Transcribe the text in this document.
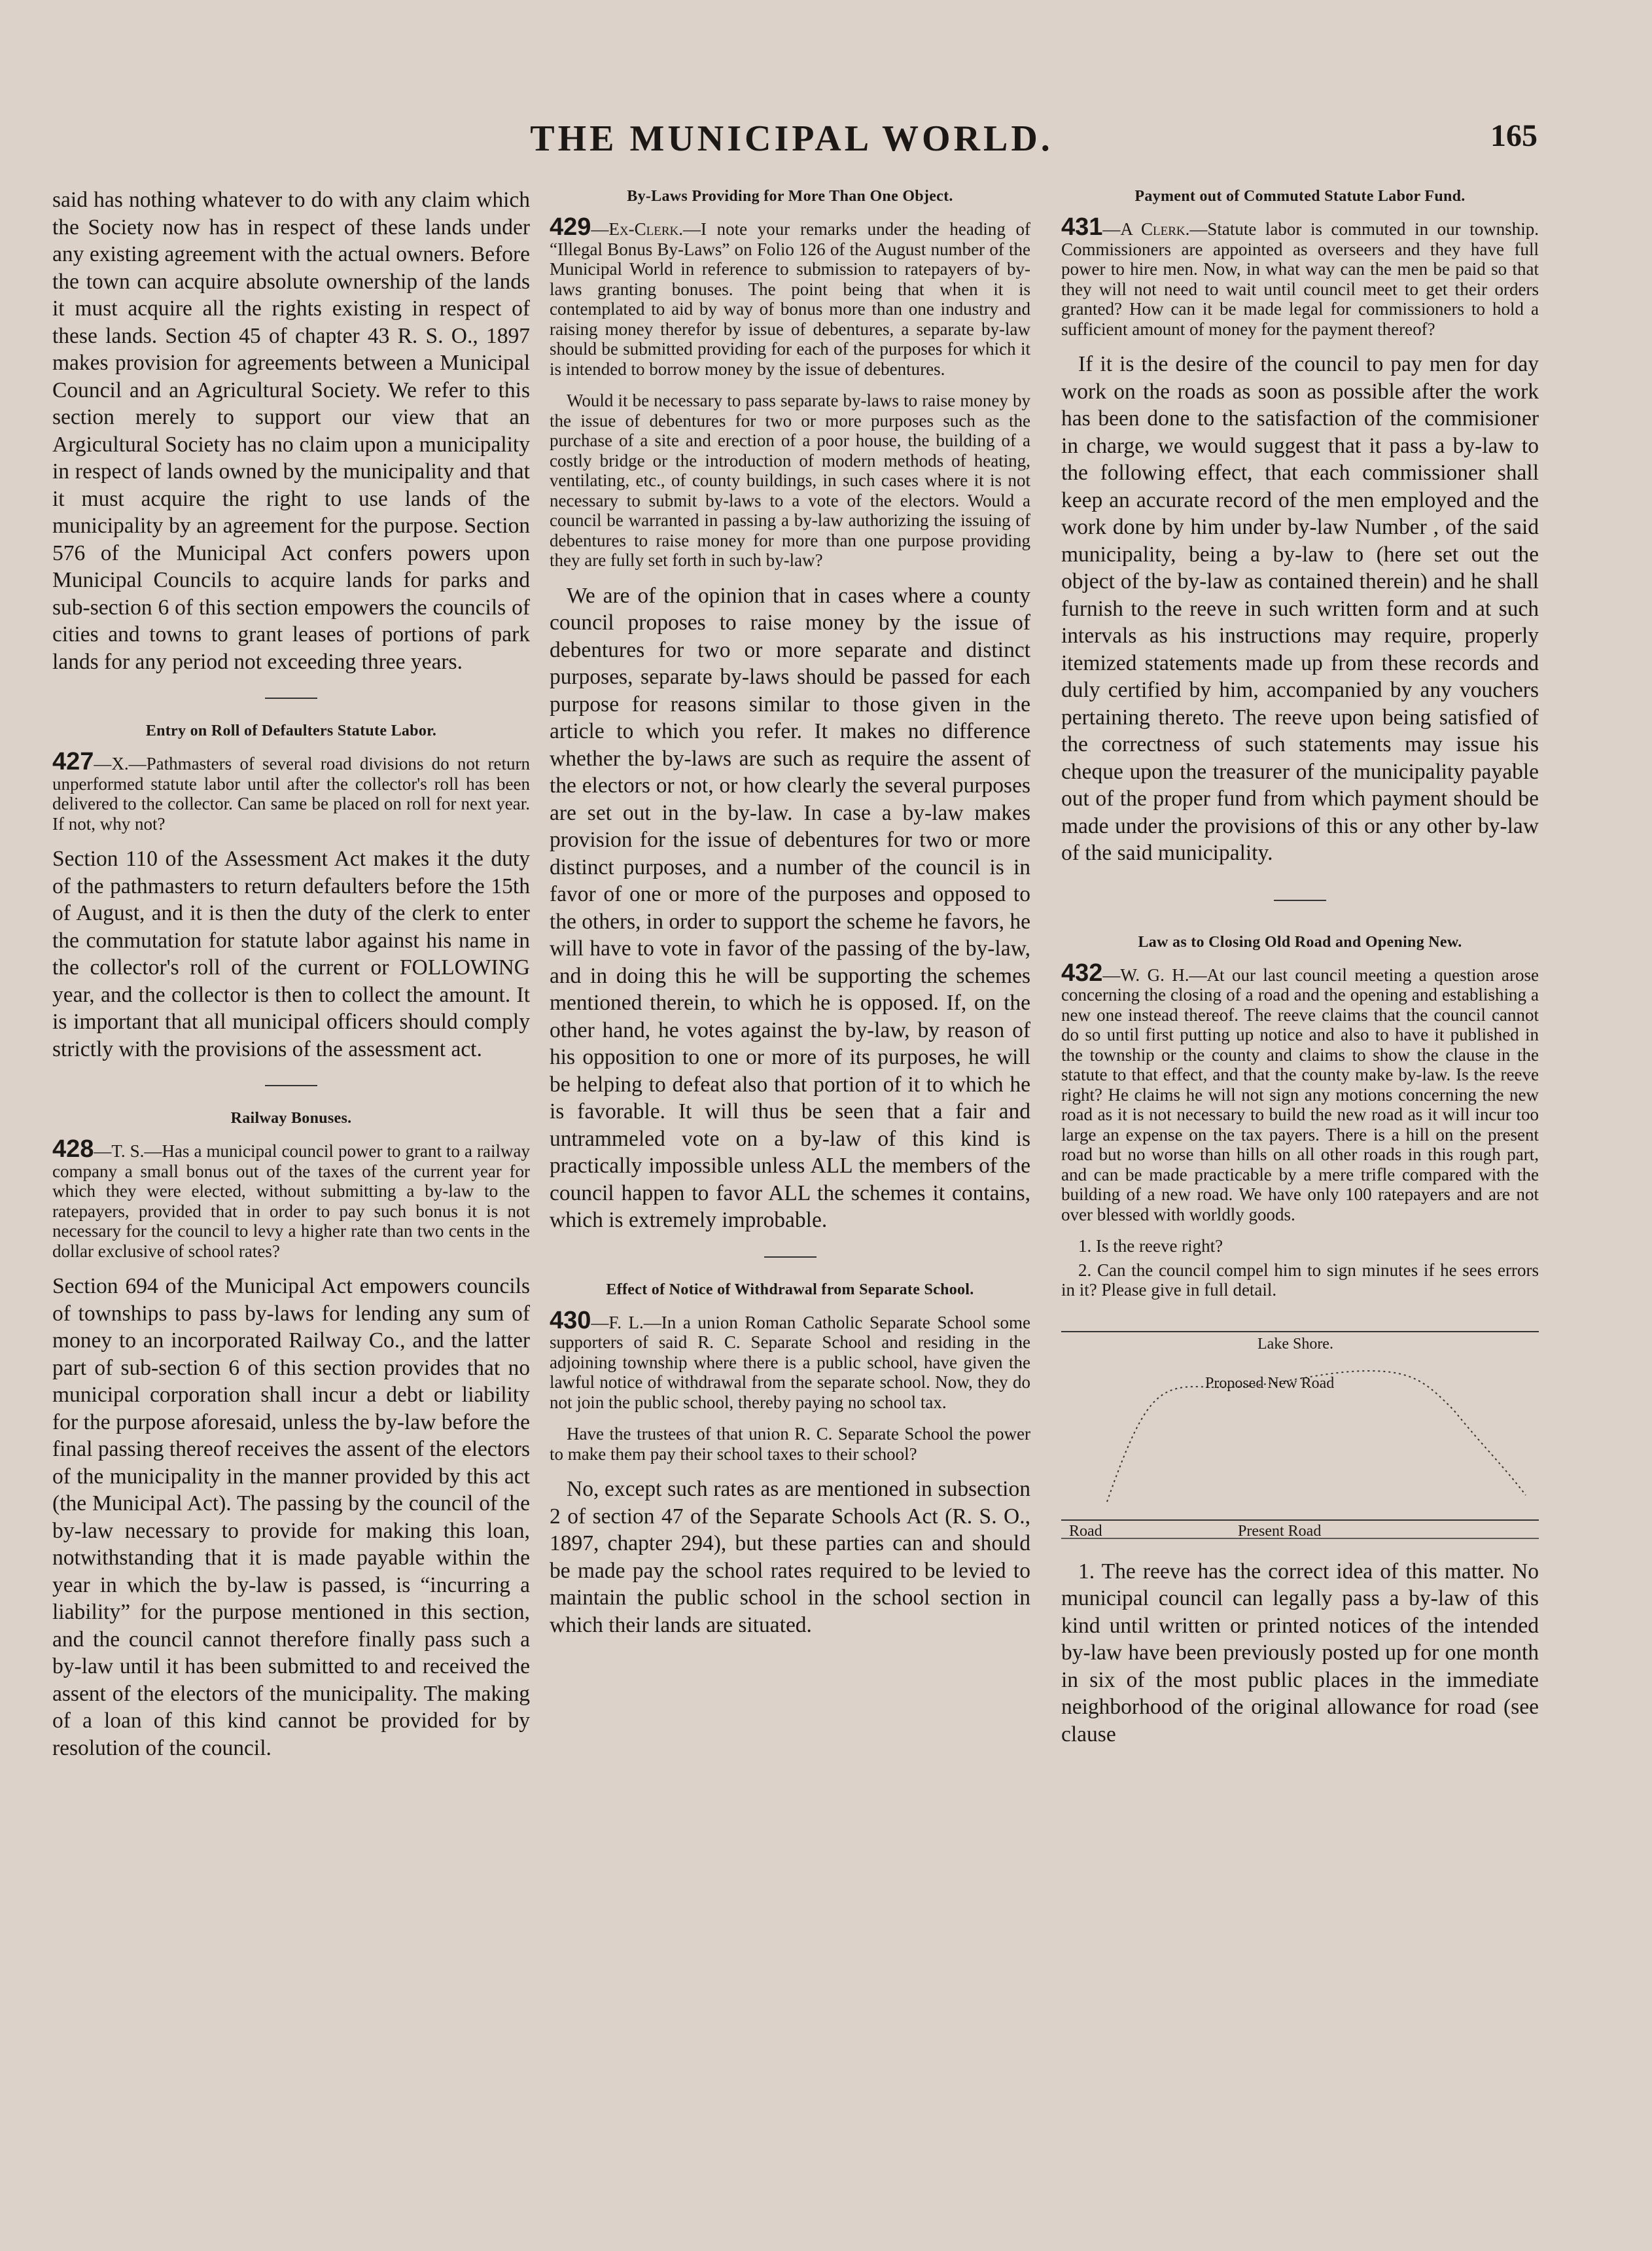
THE MUNICIPAL WORLD.	165

said has nothing whatever to do with any claim which the Society now has in respect of these lands under any existing agreement with the actual owners. Before the town can acquire absolute ownership of the lands it must acquire all the rights existing in respect of these lands. Section 45 of chapter 43 R. S. O., 1897 makes provision for agreements between a Municipal Council and an Agricultural Society. We refer to this section merely to support our view that an Argicultural Society has no claim upon a municipality in respect of lands owned by the municipality and that it must acquire the right to use lands of the municipality by an agreement for the purpose. Section 576 of the Municipal Act confers powers upon Municipal Councils to acquire lands for parks and sub-section 6 of this section empowers the councils of cities and towns to grant leases of portions of park lands for any period not exceeding three years.

Entry on Roll of Defaulters Statute Labor.

427—X.—Pathmasters of several road divisions do not return unperformed statute labor until after the collector's roll has been delivered to the collector. Can same be placed on roll for next year. If not, why not?

Section 110 of the Assessment Act makes it the duty of the pathmasters to return defaulters before the 15th of August, and it is then the duty of the clerk to enter the commutation for statute labor against his name in the collector's roll of the current or FOLLOWING year, and the collector is then to collect the amount. It is important that all municipal officers should comply strictly with the provisions of the assessment act.

Railway Bonuses.

428—T. S.—Has a municipal council power to grant to a railway company a small bonus out of the taxes of the current year for which they were elected, without submitting a by-law to the ratepayers, provided that in order to pay such bonus it is not necessary for the council to levy a higher rate than two cents in the dollar exclusive of school rates?

Section 694 of the Municipal Act empowers councils of townships to pass by-laws for lending any sum of money to an incorporated Railway Co., and the latter part of sub-section 6 of this section provides that no municipal corporation shall incur a debt or liability for the purpose aforesaid, unless the by-law before the final passing thereof receives the assent of the electors of the municipality in the manner provided by this act (the Municipal Act). The passing by the council of the by-law necessary to provide for making this loan, notwithstanding that it is made payable within the year in which the by-law is passed, is “incurring a liability” for the purpose mentioned in this section, and the council cannot therefore finally pass such a by-law until it has been submitted to and received the assent of the electors of the municipality. The making of a loan of this kind cannot be provided for by resolution of the council.

By-Laws Providing for More Than One Object.

429—Ex-Clerk.—I note your remarks under the heading of “Illegal Bonus By-Laws” on Folio 126 of the August number of the Municipal World in reference to submission to ratepayers of by-laws granting bonuses. The point being that when it is contemplated to aid by way of bonus more than one industry and raising money therefor by issue of debentures, a separate by-law should be submitted providing for each of the purposes for which it is intended to borrow money by the issue of debentures.

Would it be necessary to pass separate by-laws to raise money by the issue of debentures for two or more purposes such as the purchase of a site and erection of a poor house, the building of a costly bridge or the introduction of modern methods of heating, ventilating, etc., of county buildings, in such cases where it is not necessary to submit by-laws to a vote of the electors. Would a council be warranted in passing a by-law authorizing the issuing of debentures to raise money for more than one purpose providing they are fully set forth in such by-law?

We are of the opinion that in cases where a county council proposes to raise money by the issue of debentures for two or more separate and distinct purposes, separate by-laws should be passed for each purpose for reasons similar to those given in the article to which you refer. It makes no difference whether the by-laws are such as require the assent of the electors or not, or how clearly the several purposes are set out in the by-law. In case a by-law makes provision for the issue of debentures for two or more distinct purposes, and a number of the council is in favor of one or more of the purposes and opposed to the others, in order to support the scheme he favors, he will have to vote in favor of the passing of the by-law, and in doing this he will be supporting the schemes mentioned therein, to which he is opposed. If, on the other hand, he votes against the by-law, by reason of his opposition to one or more of its purposes, he will be helping to defeat also that portion of it to which he is favorable. It will thus be seen that a fair and untrammeled vote on a by-law of this kind is practically impossible unless ALL the members of the council happen to favor ALL the schemes it contains, which is extremely improbable.

Effect of Notice of Withdrawal from Separate School.

430—F. L.—In a union Roman Catholic Separate School some supporters of said R. C. Separate School and residing in the adjoining township where there is a public school, have given the lawful notice of withdrawal from the separate school. Now, they do not join the public school, thereby paying no school tax.

Have the trustees of that union R. C. Separate School the power to make them pay their school taxes to their school?

No, except such rates as are mentioned in subsection 2 of section 47 of the Separate Schools Act (R. S. O., 1897, chapter 294), but these parties can and should be made pay the school rates required to be levied to maintain the public school in the school section in which their lands are situated.

Payment out of Commuted Statute Labor Fund.

431—A Clerk.—Statute labor is commuted in our township. Commissioners are appointed as overseers and they have full power to hire men. Now, in what way can the men be paid so that they will not need to wait until council meet to get their orders granted? How can it be made legal for commissioners to hold a sufficient amount of money for the payment thereof?

If it is the desire of the council to pay men for day work on the roads as soon as possible after the work has been done to the satisfaction of the commisioner in charge, we would suggest that it pass a by-law to the following effect, that each commissioner shall keep an accurate record of the men employed and the work done by him under by-law Number , of the said municipality, being a by-law to (here set out the object of the by-law as contained therein) and he shall furnish to the reeve in such written form and at such intervals as his instructions may require, properly itemized statements made up from these records and duly certified by him, accompanied by any vouchers pertaining thereto. The reeve upon being satisfied of the correctness of such statements may issue his cheque upon the treasurer of the municipality payable out of the proper fund from which payment should be made under the provisions of this or any other by-law of the said municipality.

Law as to Closing Old Road and Opening New.

432—W. G. H.—At our last council meeting a question arose concerning the closing of a road and the opening and establishing a new one instead thereof. The reeve claims that the council cannot do so until first putting up notice and also to have it published in the township or the county and claims to show the clause in the statute to that effect, and that the county make by-law. Is the reeve right? He claims he will not sign any motions concerning the new road as it is not necessary to build the new road as it will incur too large an expense on the tax payers. There is a hill on the present road but no worse than hills on all other roads in this rough part, and can be made practicable by a mere trifle compared with the building of a new road. We have only 100 ratepayers and are not over blessed with worldly goods.

1. Is the reeve right?

2. Can the council compel him to sign minutes if he sees errors in it? Please give in full detail.

Lake Shore.
Proposed New Road
Road	Present Road

1. The reeve has the correct idea of this matter. No municipal council can legally pass a by-law of this kind until written or printed notices of the intended by-law have been previously posted up for one month in six of the most public places in the immediate neighborhood of the original allowance for road (see clause
